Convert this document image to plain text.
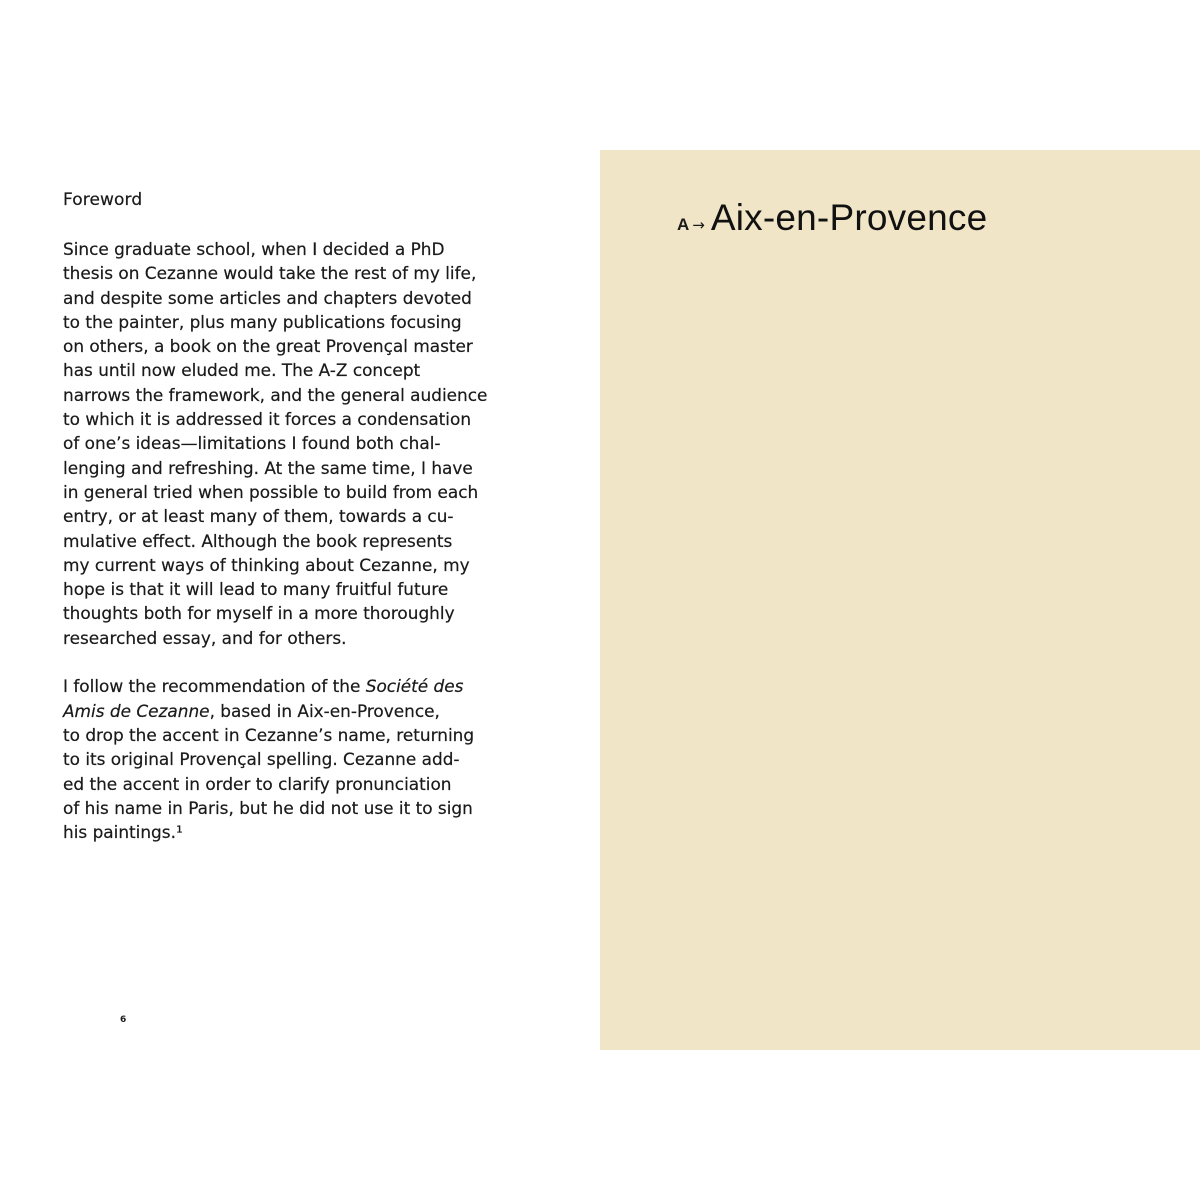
Foreword

Since graduate school, when I decided a PhD
thesis on Cezanne would take the rest of my life,
and despite some articles and chapters devoted
to the painter, plus many publications focusing
on others, a book on the great Provençal master
has until now eluded me. The A-Z concept
narrows the framework, and the general audience
to which it is addressed it forces a condensation
of one’s ideas—limitations I found both chal-
lenging and refreshing. At the same time, I have
in general tried when possible to build from each
entry, or at least many of them, towards a cu-
mulative effect. Although the book represents
my current ways of thinking about Cezanne, my
hope is that it will lead to many fruitful future
thoughts both for myself in a more thoroughly
researched essay, and for others.

I follow the recommendation of the Société des
Amis de Cezanne, based in Aix-en-Provence,
to drop the accent in Cezanne’s name, returning
to its original Provençal spelling. Cezanne add-
ed the accent in order to clarify pronunciation
of his name in Paris, but he did not use it to sign
his paintings.¹

6
A → Aix-en-Provence
